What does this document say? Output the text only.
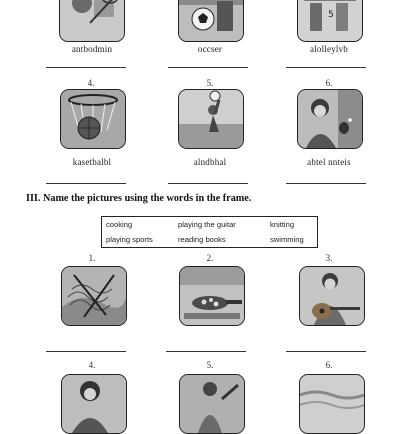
5
antbodmin	occser	alolleylvb
4.	5.	6.
kasetbalbl	alndbhal	abtel nnteis
III. Name the pictures using the words in the frame.
cooking	playing the guitar	knitting
playing sports	reading books	swimming
1.	2.	3.
4.	5.	6.
